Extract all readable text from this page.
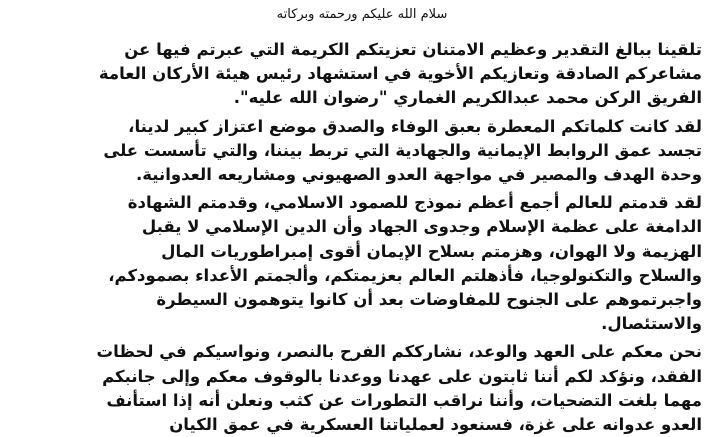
سلام الله عليكم ورحمته وبركاته
تلقينا ببالغ التقدير وعظيم الامتنان تعزيتكم الكريمة التي عبرتم فيها عن
مشاعركم الصادقة وتعازيكم الأخوية في استشهاد رئيس هيئة الأركان العامة
الفريق الركن محمد عبدالكريم الغماري "رضوان الله عليه".
لقد كانت كلماتكم المعطرة بعبق الوفاء والصدق موضع اعتزاز كبير لدينا،
تجسد عمق الروابط الإيمانية والجهادية التي تربط بيننا، والتي تأسست على
وحدة الهدف والمصير في مواجهة العدو الصهيوني ومشاريعه العدوانية.
لقد قدمتم للعالم أجمع أعظم نموذج للصمود الاسلامي، وقدمتم الشهادة
الدامغة على عظمة الإسلام وجدوى الجهاد وأن الدين الإسلامي لا يقبل
الهزيمة ولا الهوان، وهزمتم بسلاح الإيمان أقوى إمبراطوريات المال
والسلاح والتكنولوجيا، فأذهلتم العالم بعزيمتكم، وألجمتم الأعداء بصمودكم،
واجبرتموهم على الجنوح للمفاوضات بعد أن كانوا يتوهمون السيطرة
والاستئصال.
نحن معكم على العهد والوعد، نشارككم الفرح بالنصر، ونواسيكم في لحظات
الفقد، ونؤكد لكم أننا ثابتون على عهدنا ووعدنا بالوقوف معكم وإلى جانبكم
مهما بلغت التضحيات، وأننا نراقب التطورات عن كثب ونعلن أنه إذا استأنف
العدو عدوانه على غزة، فسنعود لعملياتنا العسكرية في عمق الكيان
